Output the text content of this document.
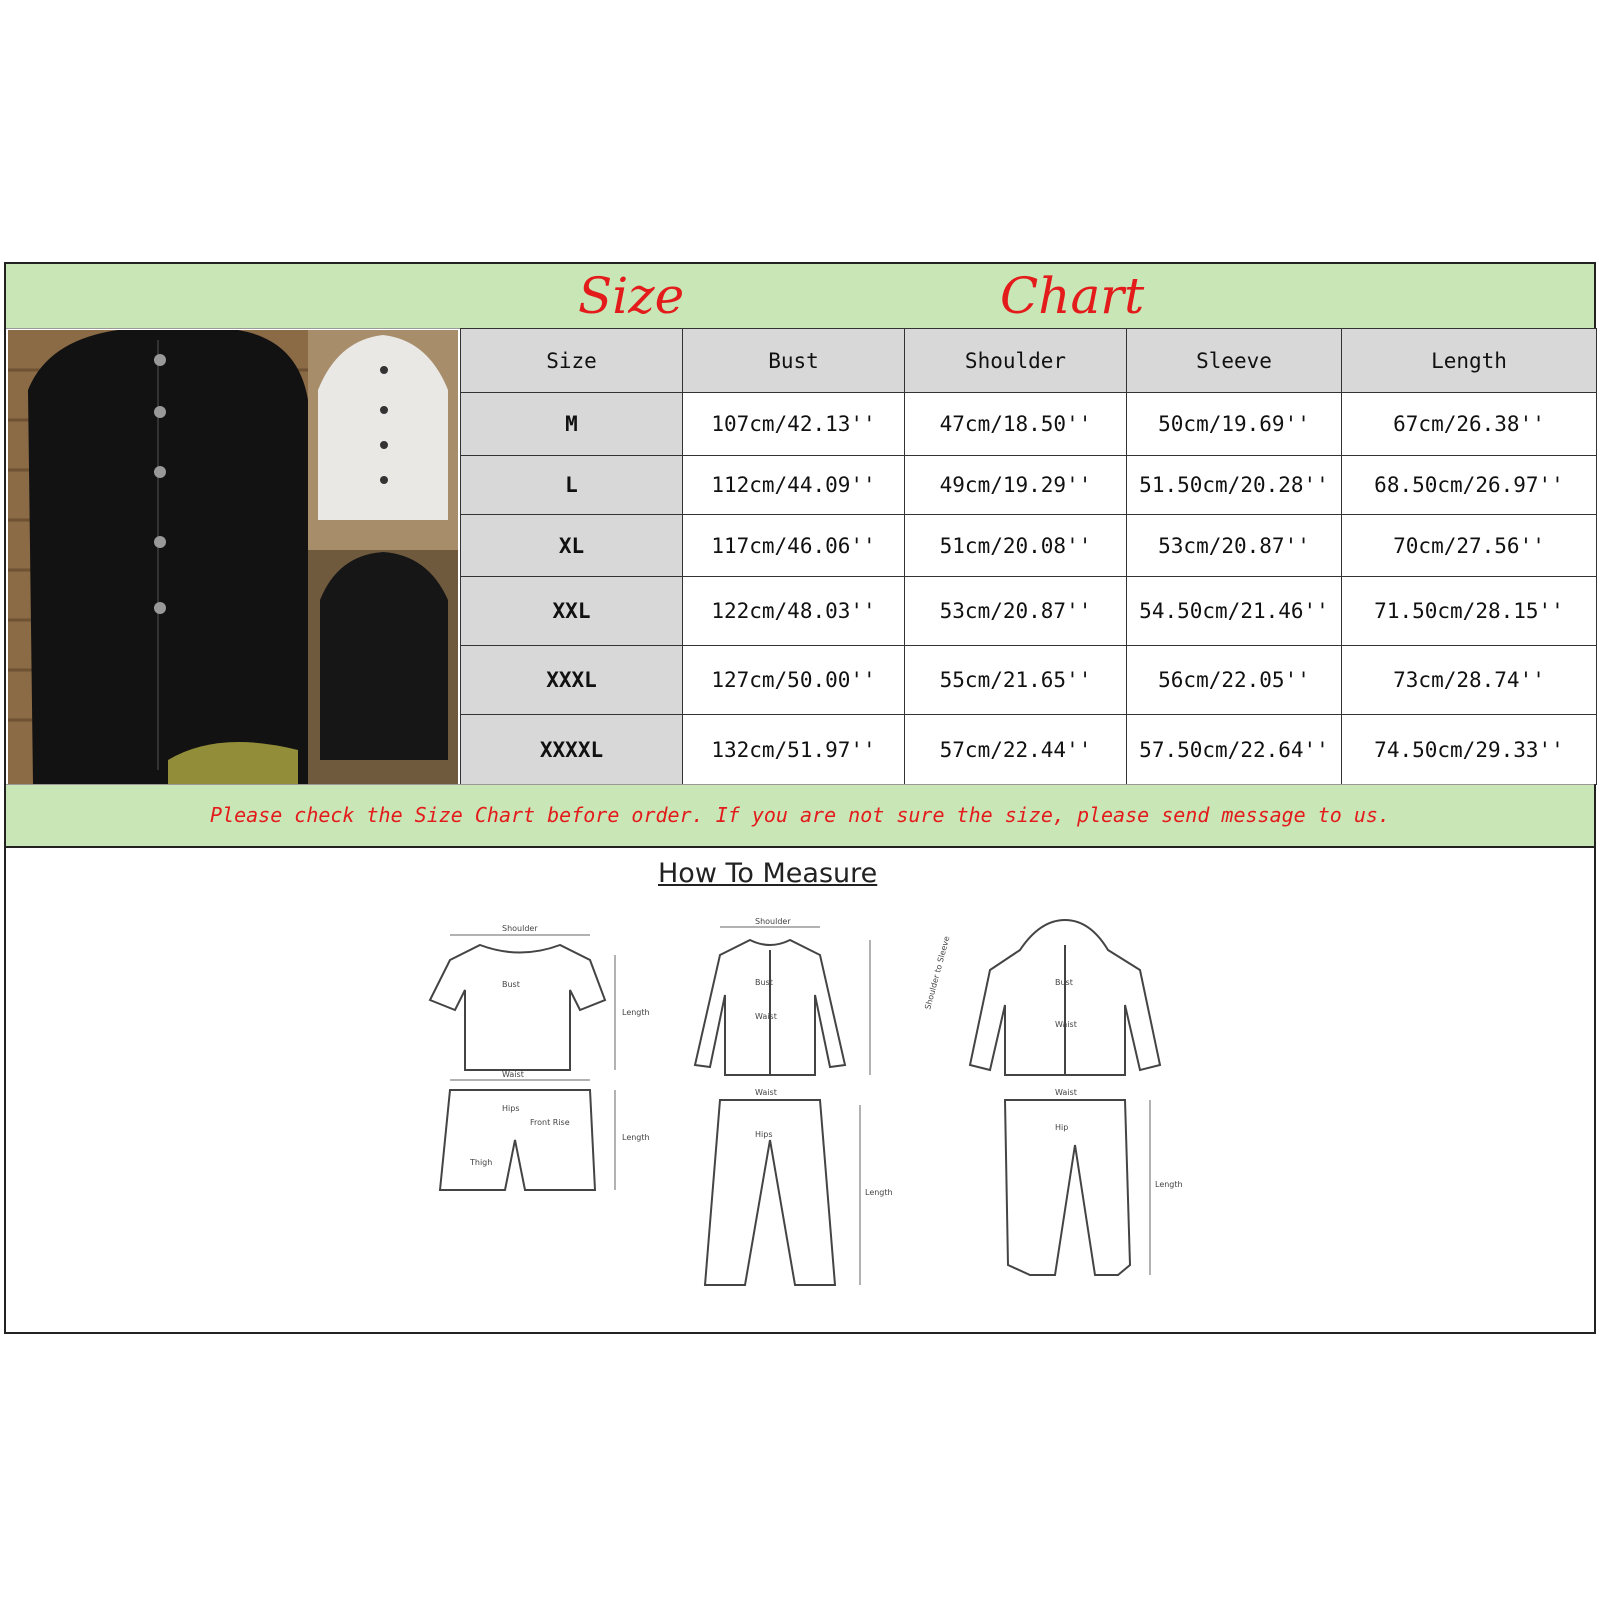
Size	Chart
Size	Bust	Shoulder	Sleeve	Length
M	107cm/42.13''	47cm/18.50''	50cm/19.69''	67cm/26.38''
L	112cm/44.09''	49cm/19.29''	51.50cm/20.28''	68.50cm/26.97''
XL	117cm/46.06''	51cm/20.08''	53cm/20.87''	70cm/27.56''
XXL	122cm/48.03''	53cm/20.87''	54.50cm/21.46''	71.50cm/28.15''
XXXL	127cm/50.00''	55cm/21.65''	56cm/22.05''	73cm/28.74''
XXXXL	132cm/51.97''	57cm/22.44''	57.50cm/22.64''	74.50cm/29.33''
Please check the Size Chart before order. If you are not sure the size, please send message to us.
How To Measure
Shoulder
Bust
Length
Waist
Hips
Front Rise
Thigh
Length
Shoulder
Bust
Waist
Waist
Hips
Length
Bust
Waist
Waist
Hip
Length
Shoulder to Sleeve
